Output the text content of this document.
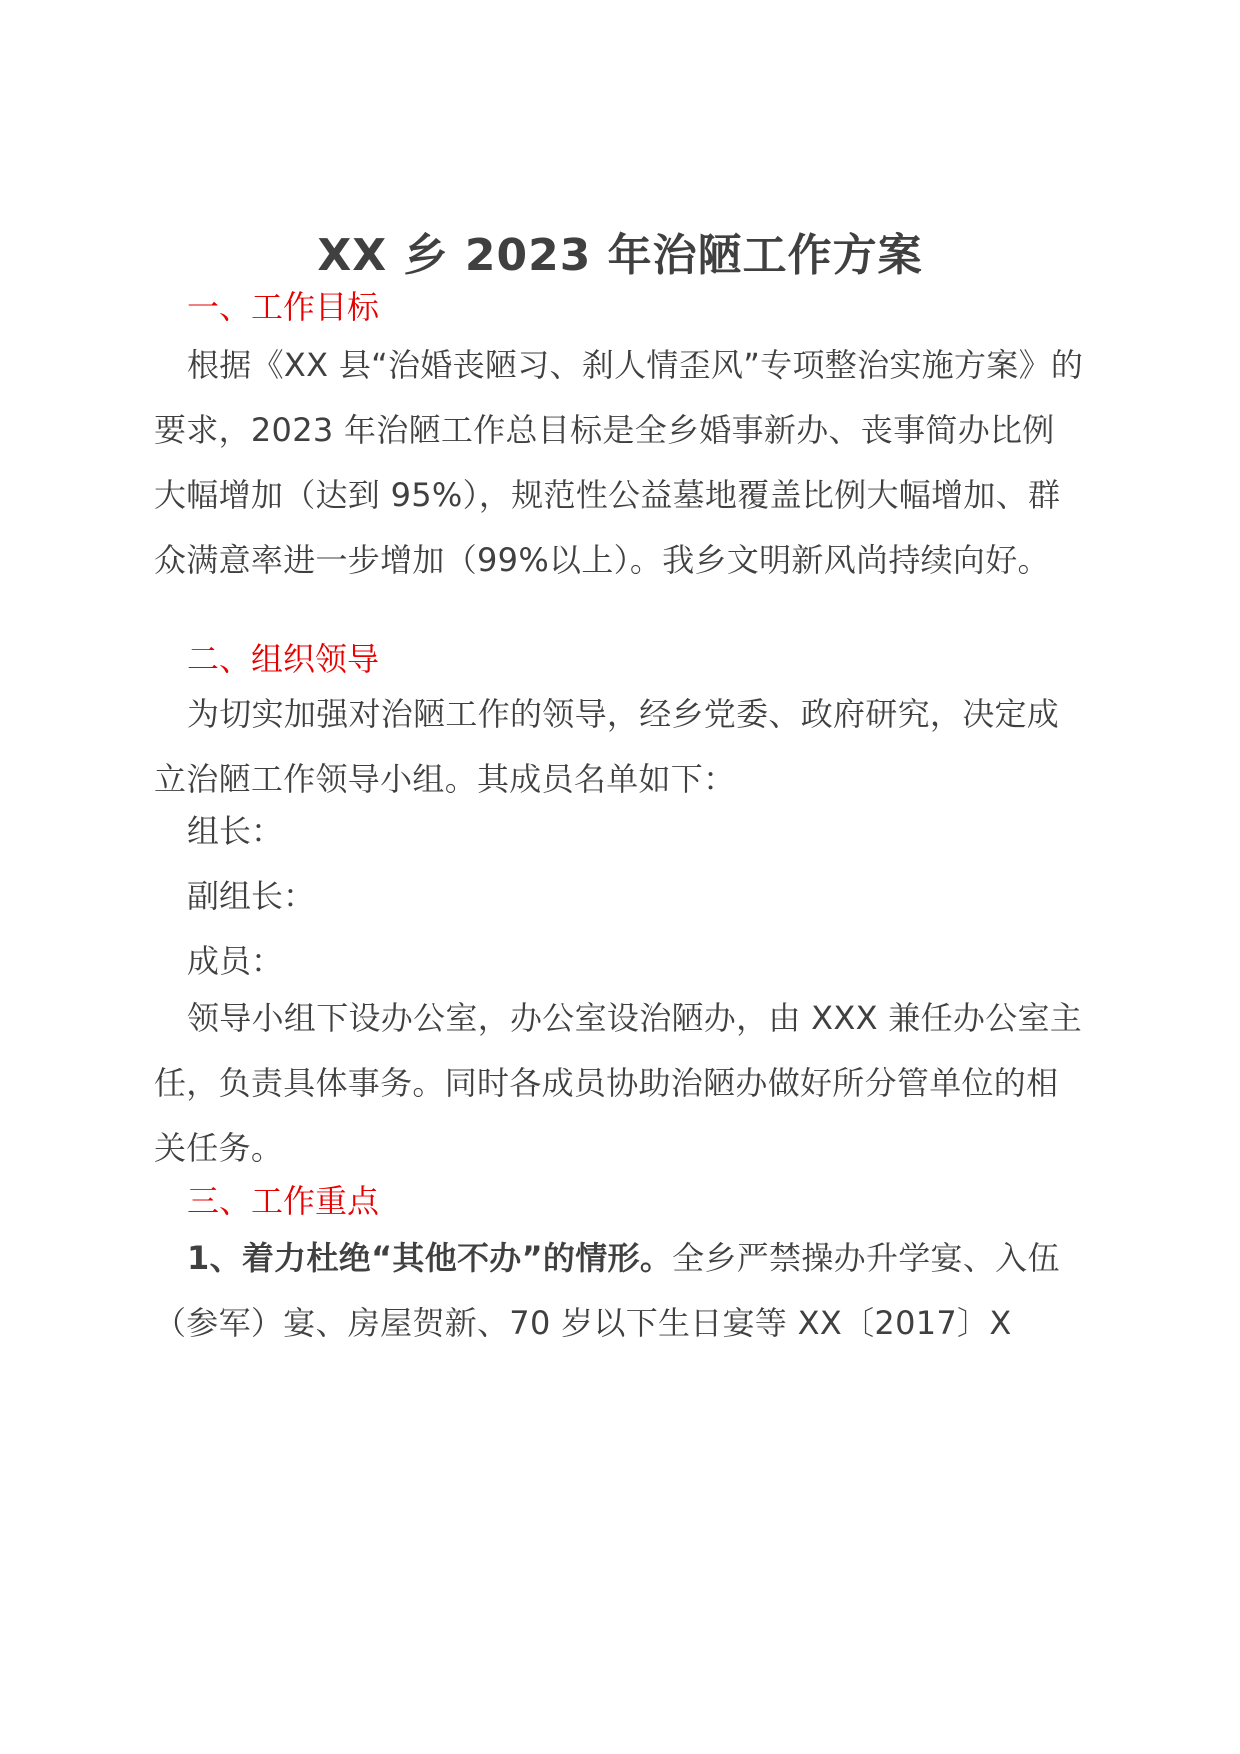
XX 乡 2023 年治陋工作方案
一、工作目标
根据《XX 县“治婚丧陋习、刹人情歪风”专项整治实施方案》的要求，2023 年治陋工作总目标是全乡婚事新办、丧事简办比例大幅增加（达到 95%），规范性公益墓地覆盖比例大幅增加、群众满意率进一步增加（99%以上）。我乡文明新风尚持续向好。
二、组织领导
为切实加强对治陋工作的领导，经乡党委、政府研究，决定成立治陋工作领导小组。其成员名单如下：
组长：
副组长：
成员：
领导小组下设办公室，办公室设治陋办，由 XXX 兼任办公室主任，负责具体事务。同时各成员协助治陋办做好所分管单位的相关任务。
三、工作重点
1、着力杜绝“其他不办”的情形。全乡严禁操办升学宴、入伍（参军）宴、房屋贺新、70 岁以下生日宴等 XX〔2017〕X
